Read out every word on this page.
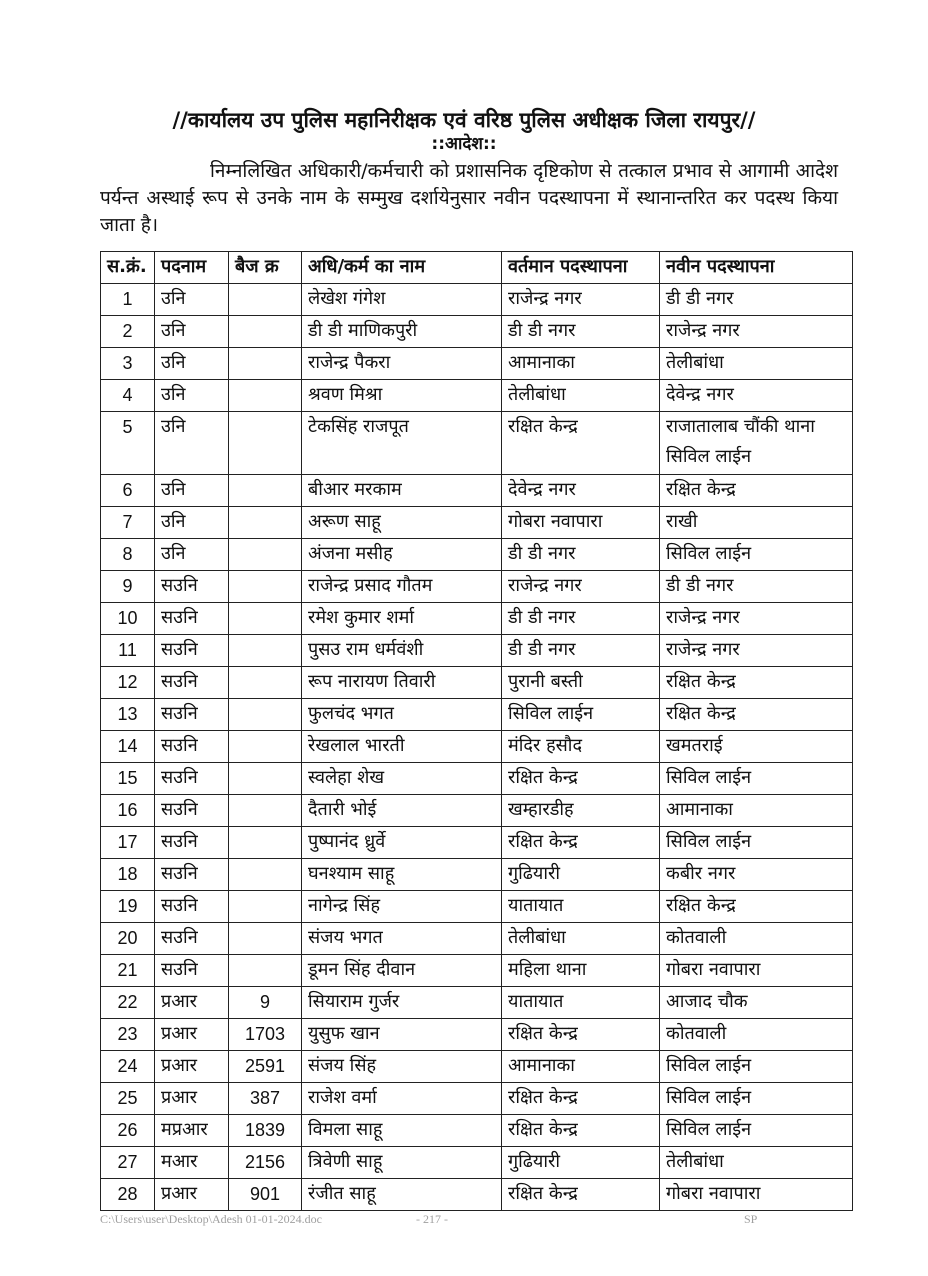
//कार्यालय उप पुलिस महानिरीक्षक एवं वरिष्ठ पुलिस अधीक्षक जिला रायपुर//
::आदेश::
निम्नलिखित अधिकारी/कर्मचारी को प्रशासनिक दृष्टिकोण से तत्काल प्रभाव से आगामी आदेश पर्यन्त अस्थाई रूप से उनके नाम के सम्मुख दर्शायेनुसार नवीन पदस्थापना में स्थानान्तरित कर पदस्थ किया जाता है।
स.क्रं.	पदनाम	बैज क्र	अधि/कर्म का नाम	वर्तमान पदस्थापना	नवीन पदस्थापना
1	उनि		लेखेश गंगेश	राजेन्द्र नगर	डी डी नगर
2	उनि		डी डी माणिकपुरी	डी डी नगर	राजेन्द्र नगर
3	उनि		राजेन्द्र पैकरा	आमानाका	तेलीबांधा
4	उनि		श्रवण मिश्रा	तेलीबांधा	देवेन्द्र नगर
5	उनि		टेकसिंह राजपूत	रक्षित केन्द्र	राजातालाब चौंकी थाना सिविल लाईन
6	उनि		बीआर मरकाम	देवेन्द्र नगर	रक्षित केन्द्र
7	उनि		अरूण साहू	गोबरा नवापारा	राखी
8	उनि		अंजना मसीह	डी डी नगर	सिविल लाईन
9	सउनि		राजेन्द्र प्रसाद गौतम	राजेन्द्र नगर	डी डी नगर
10	सउनि		रमेश कुमार शर्मा	डी डी नगर	राजेन्द्र नगर
11	सउनि		पुसउ राम धर्मवंशी	डी डी नगर	राजेन्द्र नगर
12	सउनि		रूप नारायण तिवारी	पुरानी बस्ती	रक्षित केन्द्र
13	सउनि		फुलचंद भगत	सिविल लाईन	रक्षित केन्द्र
14	सउनि		रेखलाल भारती	मंदिर हसौद	खमतराई
15	सउनि		स्वलेहा शेख	रक्षित केन्द्र	सिविल लाईन
16	सउनि		दैतारी भोई	खम्हारडीह	आमानाका
17	सउनि		पुष्पानंद ध्रुर्वे	रक्षित केन्द्र	सिविल लाईन
18	सउनि		घनश्याम साहू	गुढियारी	कबीर नगर
19	सउनि		नागेन्द्र सिंह	यातायात	रक्षित केन्द्र
20	सउनि		संजय भगत	तेलीबांधा	कोतवाली
21	सउनि		डूमन सिंह दीवान	महिला थाना	गोबरा नवापारा
22	प्रआर	9	सियाराम गुर्जर	यातायात	आजाद चौक
23	प्रआर	1703	युसुफ खान	रक्षित केन्द्र	कोतवाली
24	प्रआर	2591	संजय सिंह	आमानाका	सिविल लाईन
25	प्रआर	387	राजेश वर्मा	रक्षित केन्द्र	सिविल लाईन
26	मप्रआर	1839	विमला साहू	रक्षित केन्द्र	सिविल लाईन
27	मआर	2156	त्रिवेणी साहू	गुढियारी	तेलीबांधा
28	प्रआर	901	रंजीत साहू	रक्षित केन्द्र	गोबरा नवापारा
C:\Users\user\Desktop\Adesh 01-01-2024.doc	- 217 -	SP
